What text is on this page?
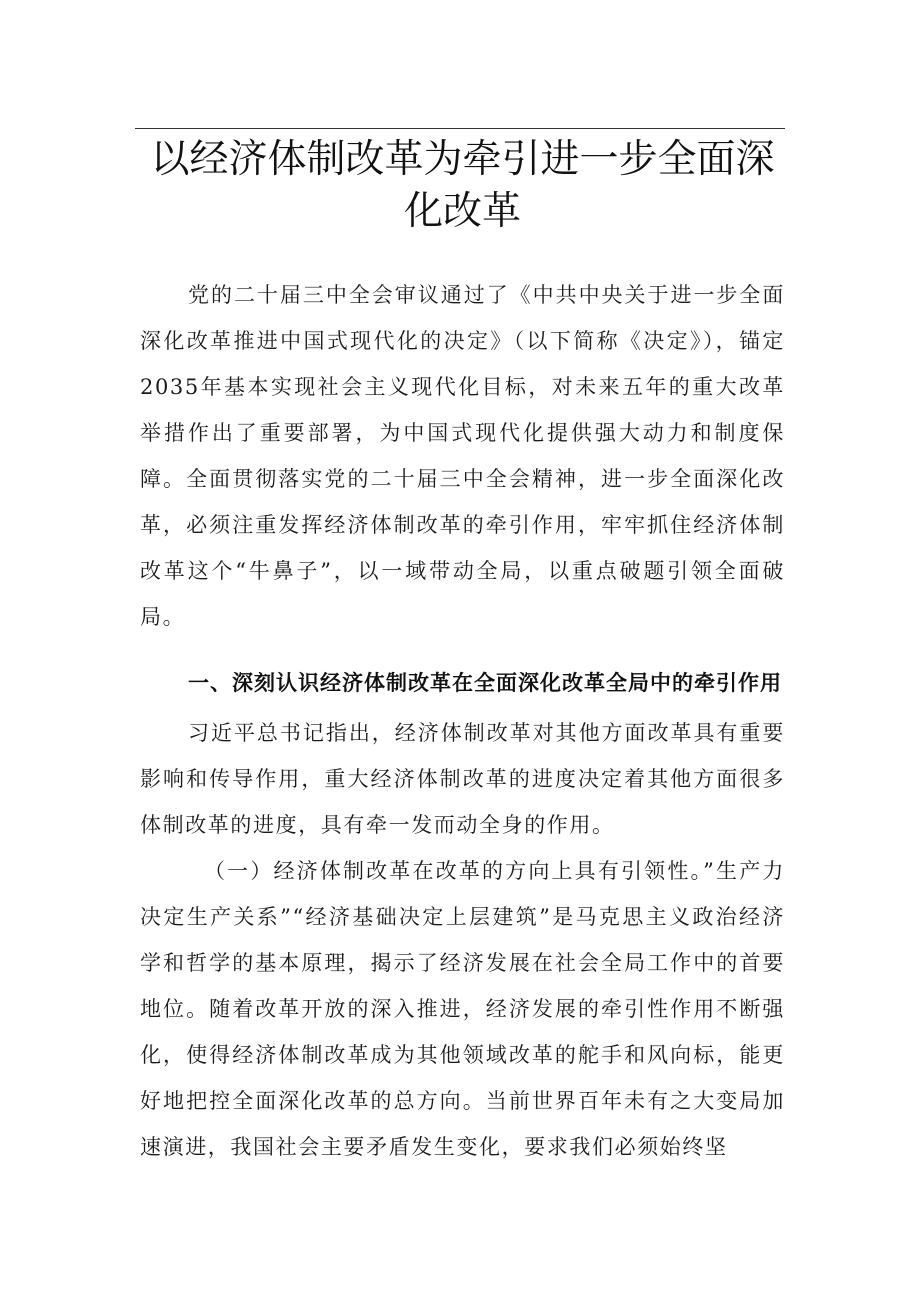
以经济体制改革为牵引进一步全面深化改革

党的二十届三中全会审议通过了《中共中央关于进一步全面深化改革推进中国式现代化的决定》（以下简称《决定》），锚定2035年基本实现社会主义现代化目标，对未来五年的重大改革举措作出了重要部署，为中国式现代化提供强大动力和制度保障。全面贯彻落实党的二十届三中全会精神，进一步全面深化改革，必须注重发挥经济体制改革的牵引作用，牢牢抓住经济体制改革这个“牛鼻子”，以一域带动全局，以重点破题引领全面破局。

一、深刻认识经济体制改革在全面深化改革全局中的牵引作用

习近平总书记指出，经济体制改革对其他方面改革具有重要影响和传导作用，重大经济体制改革的进度决定着其他方面很多体制改革的进度，具有牵一发而动全身的作用。

（一）经济体制改革在改革的方向上具有引领性。”生产力决定生产关系”“经济基础决定上层建筑”是马克思主义政治经济学和哲学的基本原理，揭示了经济发展在社会全局工作中的首要地位。随着改革开放的深入推进，经济发展的牵引性作用不断强化，使得经济体制改革成为其他领域改革的舵手和风向标，能更好地把控全面深化改革的总方向。当前世界百年未有之大变局加速演进，我国社会主要矛盾发生变化，要求我们必须始终坚
